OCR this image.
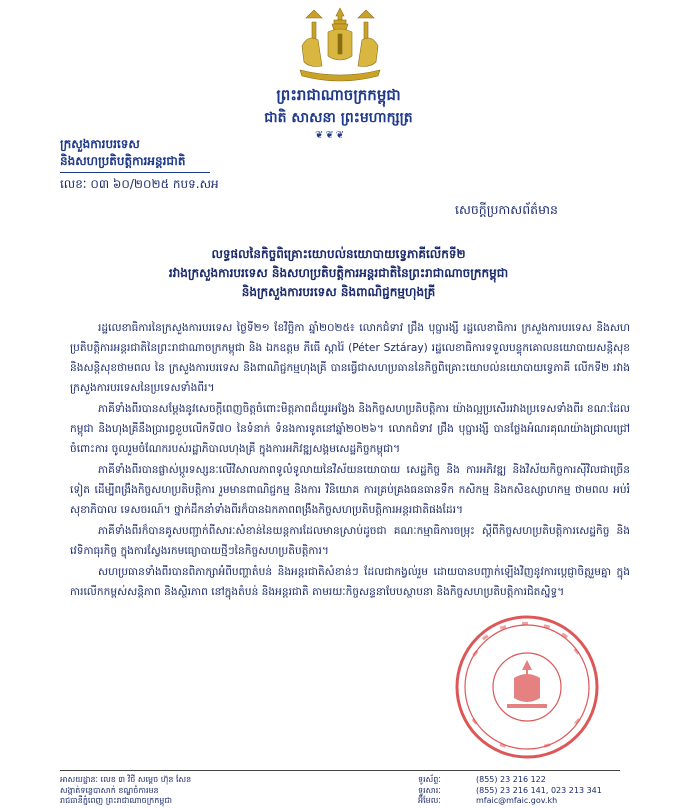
ព្រះរាជាណាចក្រកម្ពុជា
ជាតិ សាសនា ព្រះមហាក្សត្រ
❦❦❦
ក្រសួងការបរទេស
និងសហប្រតិបត្តិការអន្តរជាតិ
លេខៈ ០៣ ៦០/២០២៥ កបទ.សអ
សេចក្តីប្រកាសព័ត៌មាន
លទ្ធផលនៃកិច្ចពិគ្រោះយោបល់នយោបាយទ្វេភាគីលើកទី២
រវាងក្រសួងការបរទេស និងសហប្រតិបត្តិការអន្តរជាតិនៃព្រះរាជាណាចក្រកម្ពុជា
និងក្រសួងការបរទេស និងពាណិជ្ជកម្មហុងគ្រី

រដ្ឋលេខាធិការនៃក្រសួងការបរទេស ថ្ងៃទី២១ ខែវិច្ឆិកា ឆ្នាំ២០២៥៖ លោកជំទាវ ជ្រឹង បុប្ផារង្សី រដ្ឋលេខាធិការ ក្រសួងការបរទេស និងសហប្រតិបត្តិការអន្តរជាតិនៃព្រះរាជាណាចក្រកម្ពុជា និង ឯកឧត្តម ភីធើ ស្តារ៉ៃ (Péter Sztáray) រដ្ឋលេខាធិការទទួលបន្ទុកគោលនយោបាយសន្តិសុខ និងសន្តិសុខថាមពល នៃ ក្រសួងការបរទេស និងពាណិជ្ជកម្មហុងគ្រី បានធ្វើជាសហប្រធាននៃកិច្ចពិគ្រោះយោបល់នយោបាយទ្វេភាគី លើកទី២ រវាងក្រសួងការបរទេសនៃប្រទេសទាំងពីរ។

ភាគីទាំងពីរបានសម្តែងនូវសេចក្តីពេញចិត្តចំពោះមិត្តភាពដ៏យូរអង្វែង និងកិច្ចសហប្រតិបត្តិការ យ៉ាងល្អប្រសើររវាងប្រទេសទាំងពីរ ខណៈដែលកម្ពុជា និងហុងគ្រីនឹងប្រារព្ធខួបលើកទី៧០ នៃទំនាក់ ទំនងការទូតនៅឆ្នាំ២០២៦។ លោកជំទាវ ជ្រឹង បុប្ផារង្សី បានថ្លែងអំណរគុណយ៉ាងជ្រាលជ្រៅចំពោះការ ចូលរួមចំណែករបស់រដ្ឋាភិបាលហុងគ្រី ក្នុងការអភិវឌ្ឍសង្គមសេដ្ឋកិច្ចកម្ពុជា។

ភាគីទាំងពីរបានផ្លាស់ប្តូរទស្សនៈលើវិសាលភាពទូលំទូលាយនៃវិស័យនយោបាយ សេដ្ឋកិច្ច និង ការអភិវឌ្ឍ និងវិស័យកិច្ចការសុីវិលជាច្រើនទៀត ដើម្បីពង្រឹងកិច្ចសហប្រតិបត្តិការ រួមមានពាណិជ្ជកម្ម និងការ វិនិយោគ ការគ្រប់គ្រងធនធានទឹក កសិកម្ម និងកសិឧស្សាហកម្ម ថាមពល អប់រំ សុខាភិបាល ទេសចរណ៍។ ថ្នាក់ដឹកនាំទាំងពីរក៏បានឯកភាពពង្រឹងកិច្ចសហប្រតិបត្តិការអន្តរជាតិផងដែរ។

ភាគីទាំងពីរក៏បានគូសបញ្ជាក់ពីសារៈសំខាន់នៃយន្តការដែលមានស្រាប់ដូចជា គណៈកម្មាធិការចម្រុះ ស្តីពីកិច្ចសហប្រតិបត្តិការសេដ្ឋកិច្ច និងវេទិកាធុរកិច្ច ក្នុងការស្វែងរកមធ្យោបាយថ្មីៗនៃកិច្ចសហប្រតិបត្តិការ។

សហប្រធានទាំងពីរបានពិភាក្សាអំពីបញ្ហាតំបន់ និងអន្តរជាតិសំខាន់ៗ ដែលជាកង្វល់រួម ដោយបានបញ្ជាក់ឡើងវិញនូវការប្តេជ្ញាចិត្តរួមគ្នា ក្នុងការលើកកម្ពស់សន្តិភាព និងស្ថិរភាព នៅក្នុងតំបន់ និងអន្តរជាតិ តាមរយៈកិច្ចសន្ទនាបែបស្ថាបនា និងកិច្ចសហប្រតិបត្តិការជិតស្និទ្ធ។

អាសយដ្ឋានៈ លេខ ៣ វិថី សម្តេច ហ៊ុន សែន
សង្កាត់ទន្លេបាសាក់ ខណ្ឌចំការមន
រាជធានីភ្នំពេញ ព្រះរាជាណាចក្រកម្ពុជា
ទូរស័ព្ទៈ	(855) 23 216 122
ទូរសារៈ	(855) 23 216 141, 023 213 341
អ៊ីមែលៈ	mfaic@mfaic.gov.kh
